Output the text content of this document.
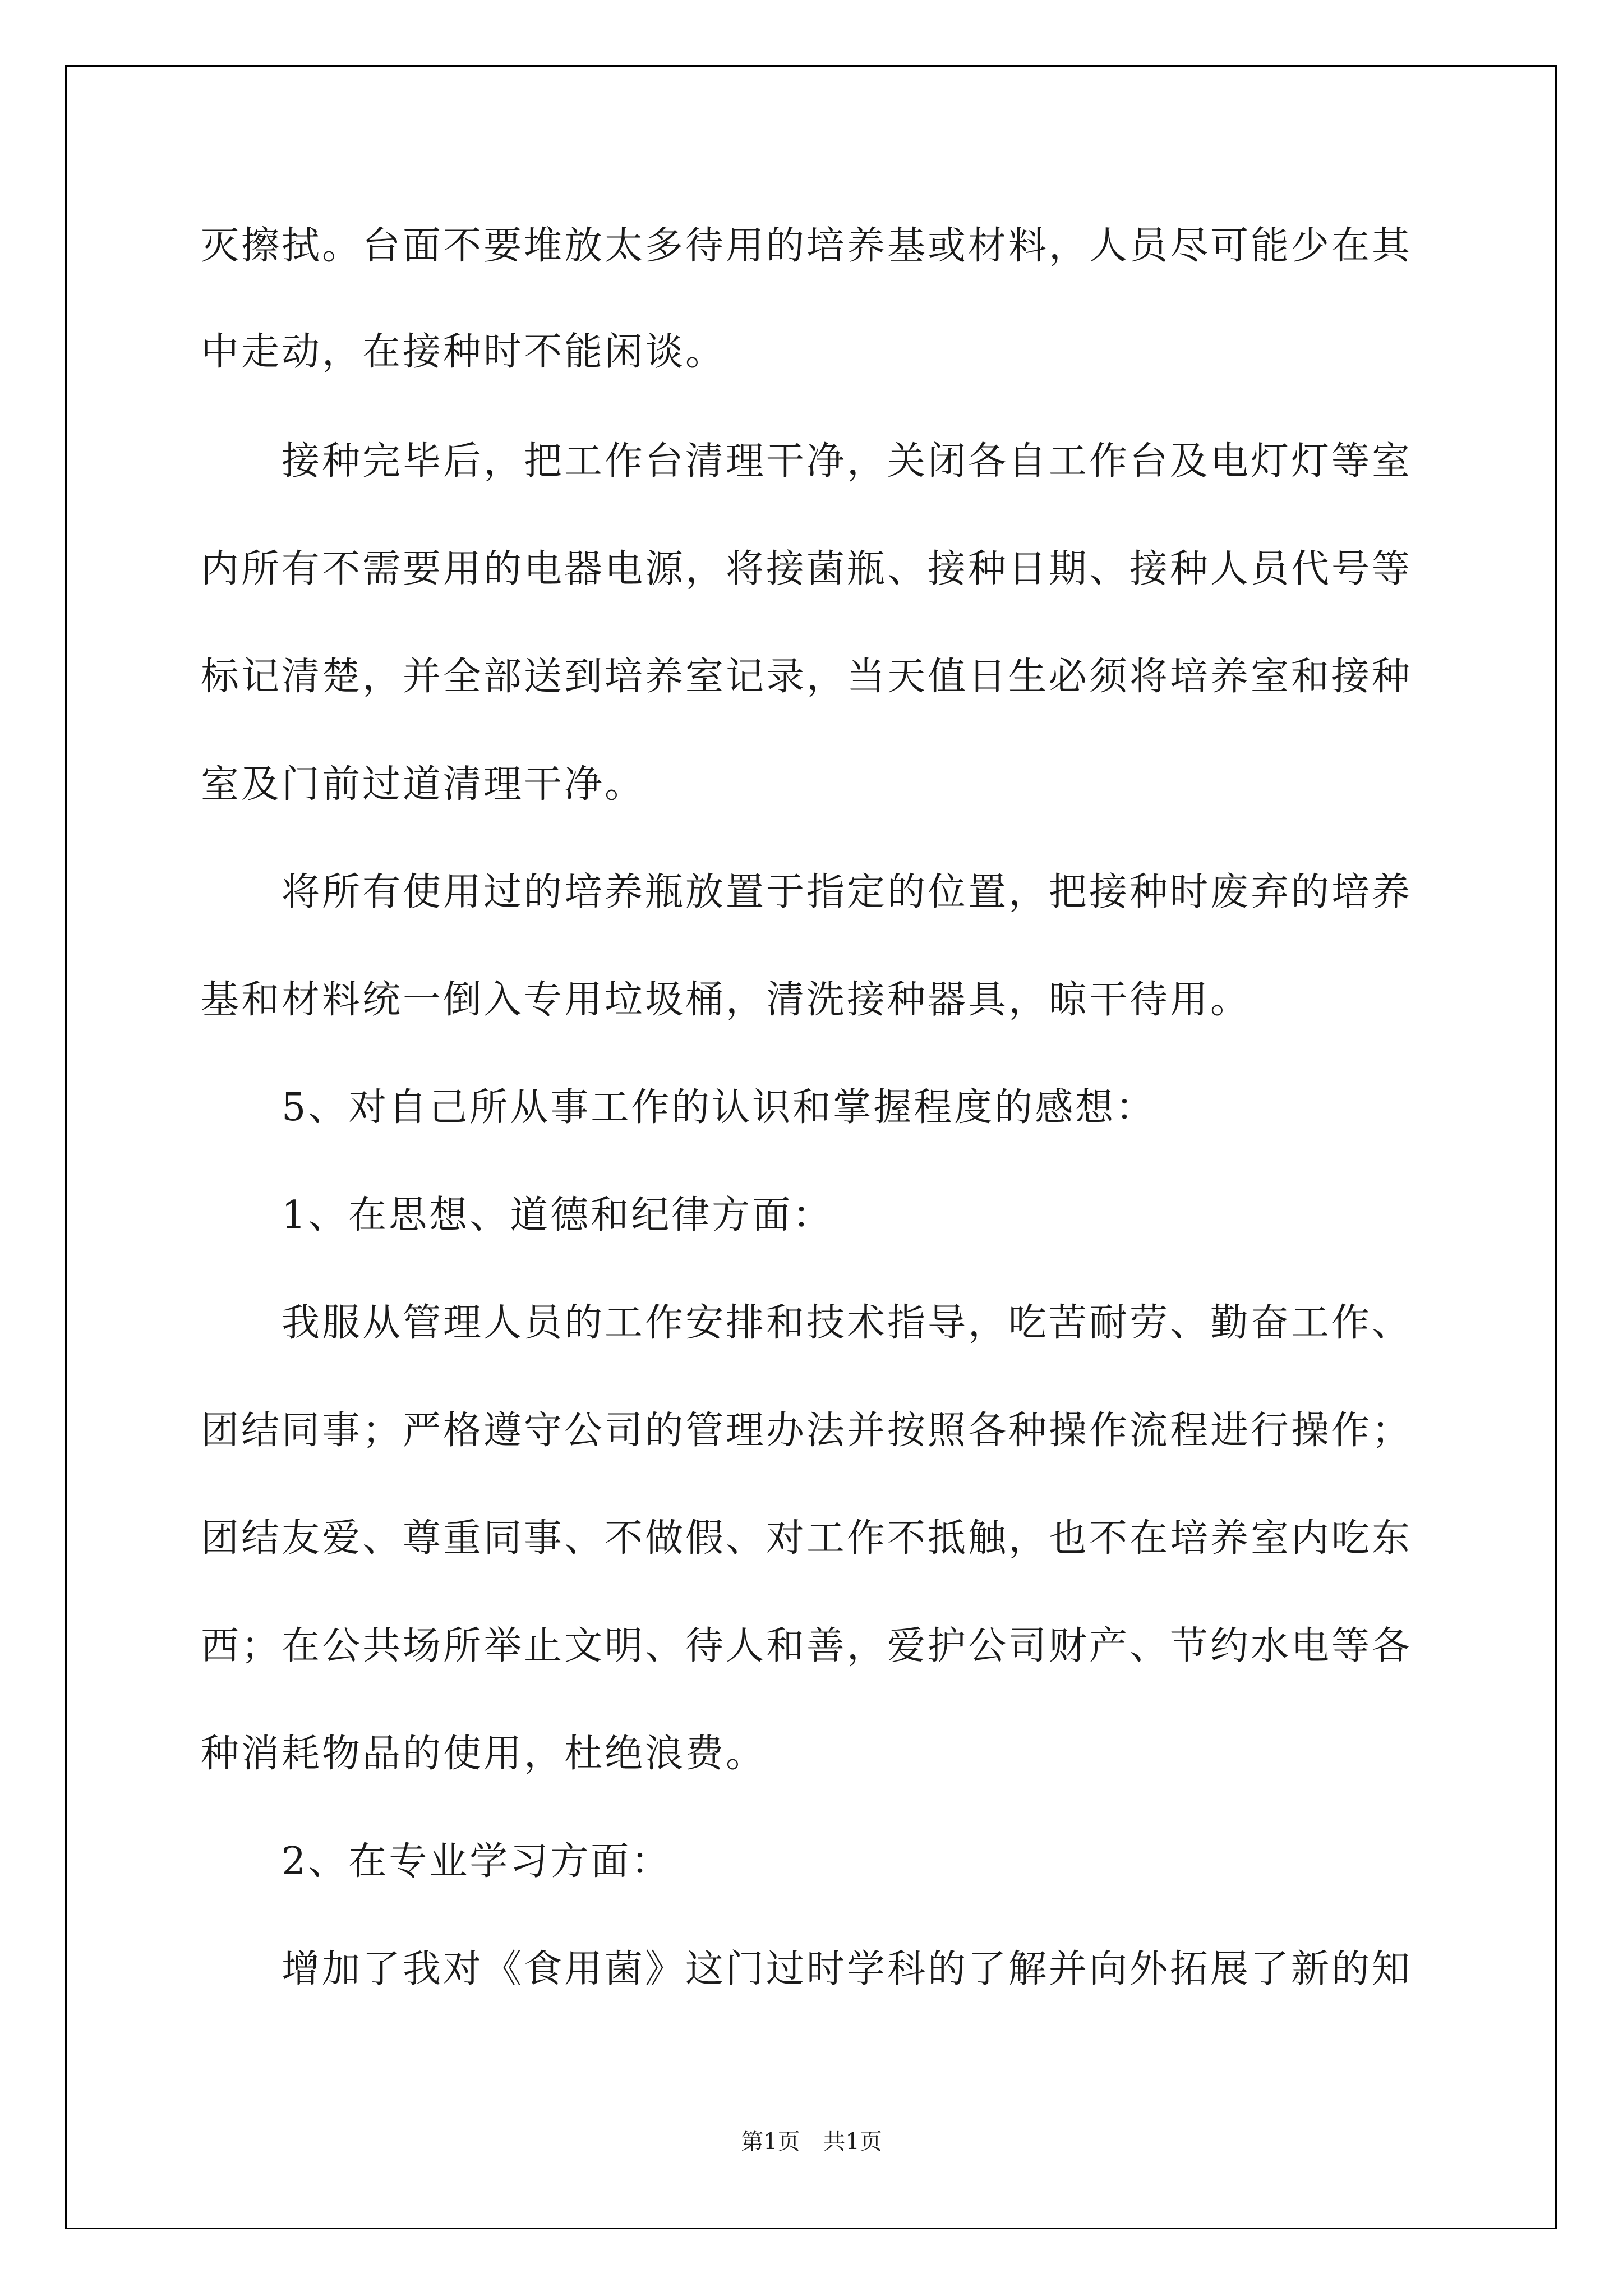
灭擦拭。台面不要堆放太多待用的培养基或材料，人员尽可能少在其
中走动，在接种时不能闲谈。
接种完毕后，把工作台清理干净，关闭各自工作台及电灯灯等室
内所有不需要用的电器电源，将接菌瓶、接种日期、接种人员代号等
标记清楚，并全部送到培养室记录，当天值日生必须将培养室和接种
室及门前过道清理干净。
将所有使用过的培养瓶放置于指定的位置，把接种时废弃的培养
基和材料统一倒入专用垃圾桶，清洗接种器具，晾干待用。
5、对自己所从事工作的认识和掌握程度的感想：
1、在思想、道德和纪律方面：
我服从管理人员的工作安排和技术指导，吃苦耐劳、勤奋工作、
团结同事；严格遵守公司的管理办法并按照各种操作流程进行操作；
团结友爱、尊重同事、不做假、对工作不抵触，也不在培养室内吃东
西；在公共场所举止文明、待人和善，爱护公司财产、节约水电等各
种消耗物品的使用，杜绝浪费。
2、在专业学习方面：
增加了我对《食用菌》这门过时学科的了解并向外拓展了新的知
第1页 共1页
